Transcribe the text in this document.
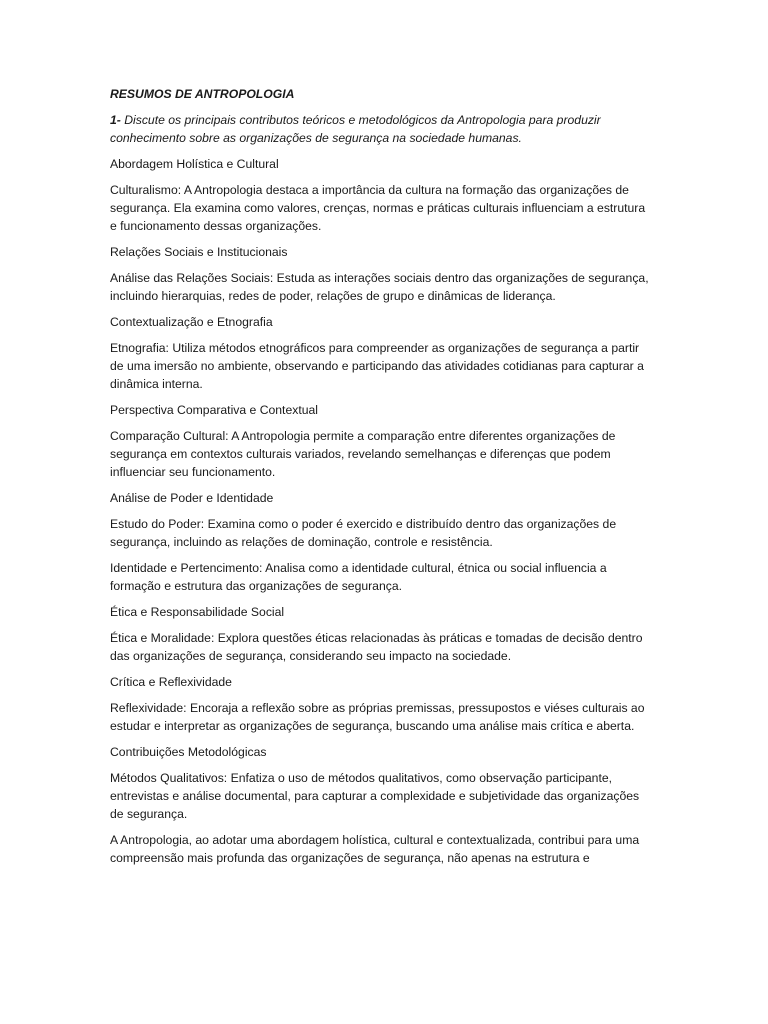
RESUMOS DE ANTROPOLOGIA

1- Discute os principais contributos teóricos e metodológicos da Antropologia para produzir conhecimento sobre as organizações de segurança na sociedade humanas.

Abordagem Holística e Cultural

Culturalismo: A Antropologia destaca a importância da cultura na formação das organizações de segurança. Ela examina como valores, crenças, normas e práticas culturais influenciam a estrutura e funcionamento dessas organizações.

Relações Sociais e Institucionais

Análise das Relações Sociais: Estuda as interações sociais dentro das organizações de segurança, incluindo hierarquias, redes de poder, relações de grupo e dinâmicas de liderança.

Contextualização e Etnografia

Etnografia: Utiliza métodos etnográficos para compreender as organizações de segurança a partir de uma imersão no ambiente, observando e participando das atividades cotidianas para capturar a dinâmica interna.

Perspectiva Comparativa e Contextual

Comparação Cultural: A Antropologia permite a comparação entre diferentes organizações de segurança em contextos culturais variados, revelando semelhanças e diferenças que podem influenciar seu funcionamento.

Análise de Poder e Identidade

Estudo do Poder: Examina como o poder é exercido e distribuído dentro das organizações de segurança, incluindo as relações de dominação, controle e resistência.

Identidade e Pertencimento: Analisa como a identidade cultural, étnica ou social influencia a formação e estrutura das organizações de segurança.

Ética e Responsabilidade Social

Ética e Moralidade: Explora questões éticas relacionadas às práticas e tomadas de decisão dentro das organizações de segurança, considerando seu impacto na sociedade.

Crítica e Reflexividade

Reflexividade: Encoraja a reflexão sobre as próprias premissas, pressupostos e viéses culturais ao estudar e interpretar as organizações de segurança, buscando uma análise mais crítica e aberta.

Contribuições Metodológicas

Métodos Qualitativos: Enfatiza o uso de métodos qualitativos, como observação participante, entrevistas e análise documental, para capturar a complexidade e subjetividade das organizações de segurança.

A Antropologia, ao adotar uma abordagem holística, cultural e contextualizada, contribui para uma compreensão mais profunda das organizações de segurança, não apenas na estrutura e
